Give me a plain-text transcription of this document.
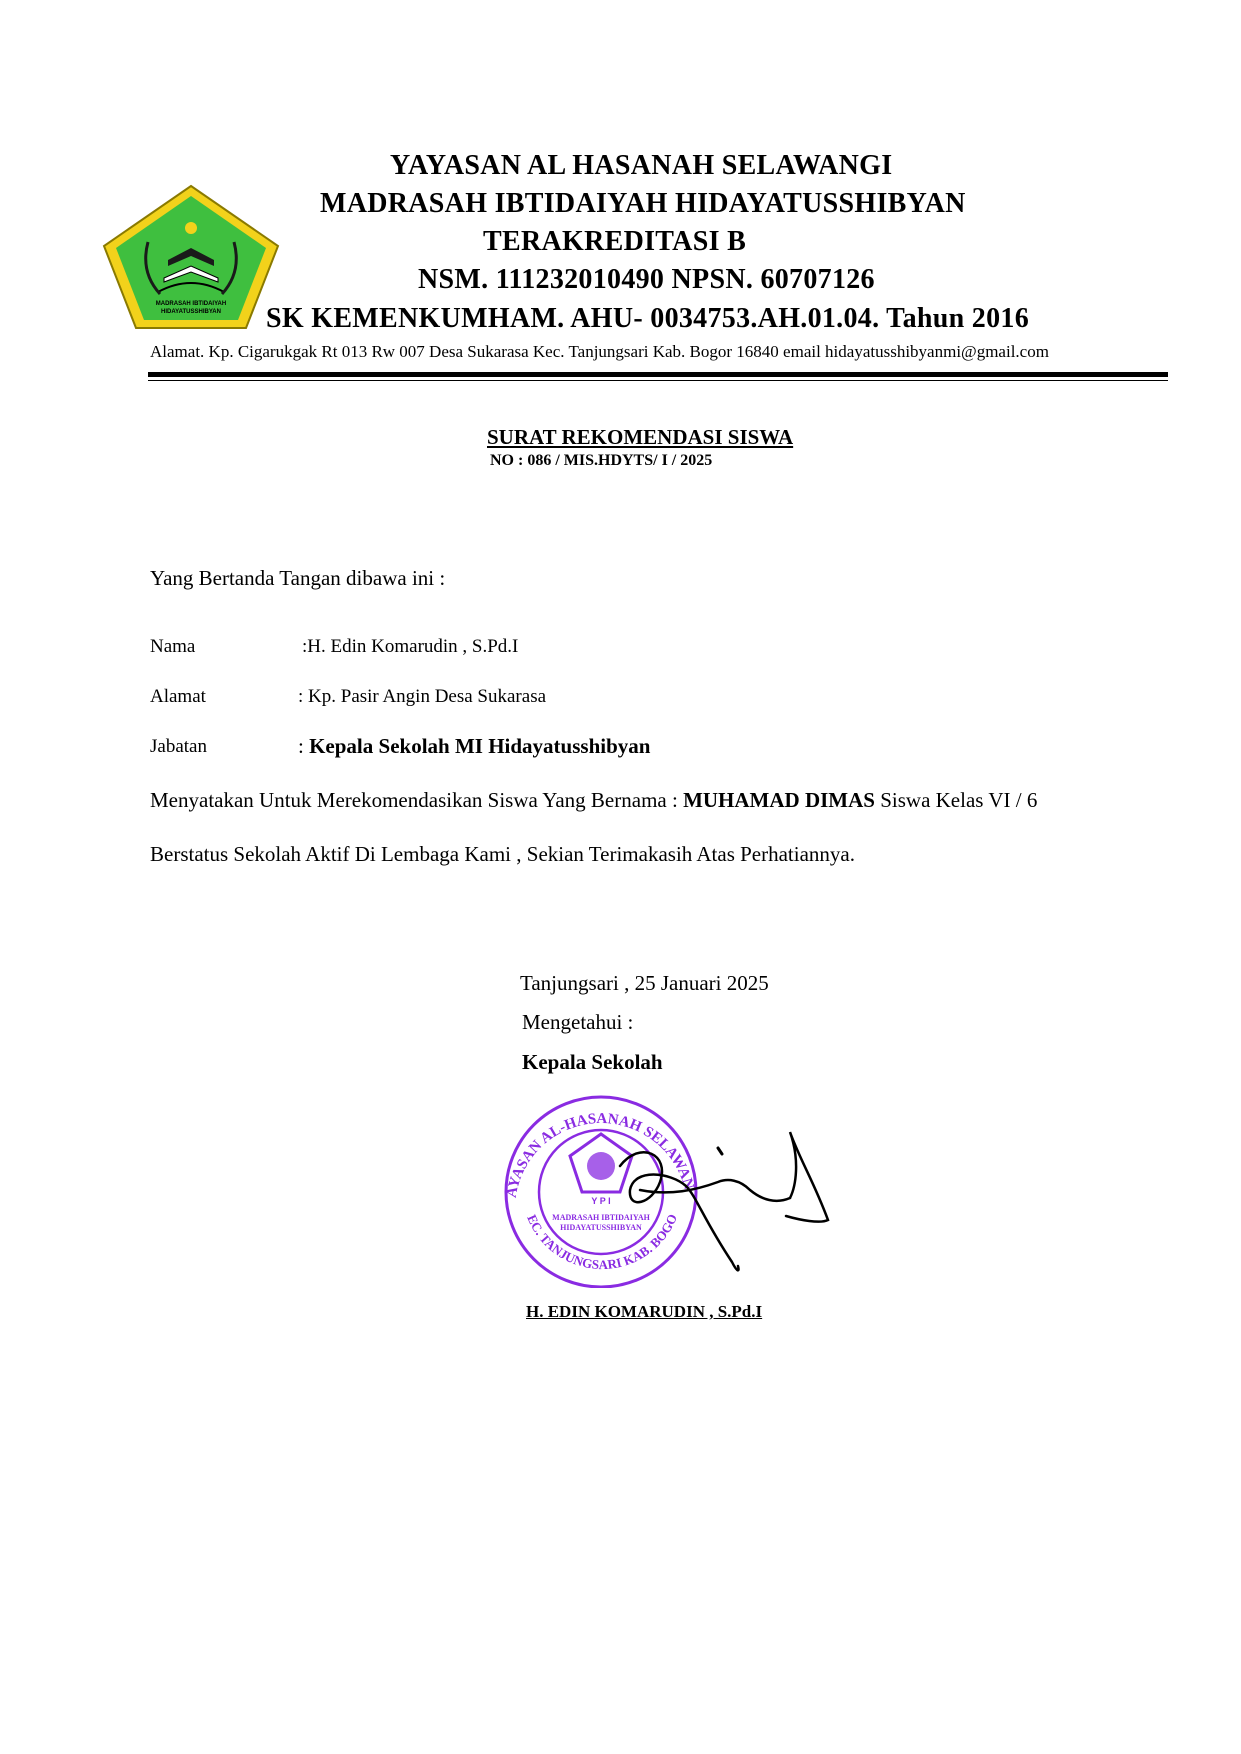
MADRASAH IBTIDAIYAH
HIDAYATUSSHIBYAN
YAYASAN AL HASANAH SELAWANGI
MADRASAH IBTIDAIYAH HIDAYATUSSHIBYAN
TERAKREDITASI B
NSM. 111232010490 NPSN. 60707126
SK KEMENKUMHAM. AHU- 0034753.AH.01.04. Tahun 2016
Alamat. Kp. Cigarukgak Rt 013 Rw 007 Desa Sukarasa Kec. Tanjungsari Kab. Bogor 16840 email hidayatusshibyanmi@gmail.com
SURAT REKOMENDASI SISWA
NO : 086 / MIS.HDYTS/ I / 2025
Yang Bertanda Tangan dibawa ini :
Nama	:H. Edin Komarudin , S.Pd.I
Alamat	: Kp. Pasir Angin Desa Sukarasa
Jabatan	: Kepala Sekolah MI Hidayatusshibyan
Menyatakan Untuk Merekomendasikan Siswa Yang Bernama : MUHAMAD DIMAS Siswa Kelas VI / 6
Berstatus Sekolah Aktif Di Lembaga Kami , Sekian Terimakasih Atas Perhatiannya.
Tanjungsari , 25 Januari 2025
Mengetahui :
Kepala Sekolah
AYASAN AL-HASANAH SELAWAN
EC. TANJUNGSARI KAB. BOGO
Y P I
MADRASAH IBTIDAIYAH
HIDAYATUSSHIBYAN
H. EDIN KOMARUDIN , S.Pd.I
